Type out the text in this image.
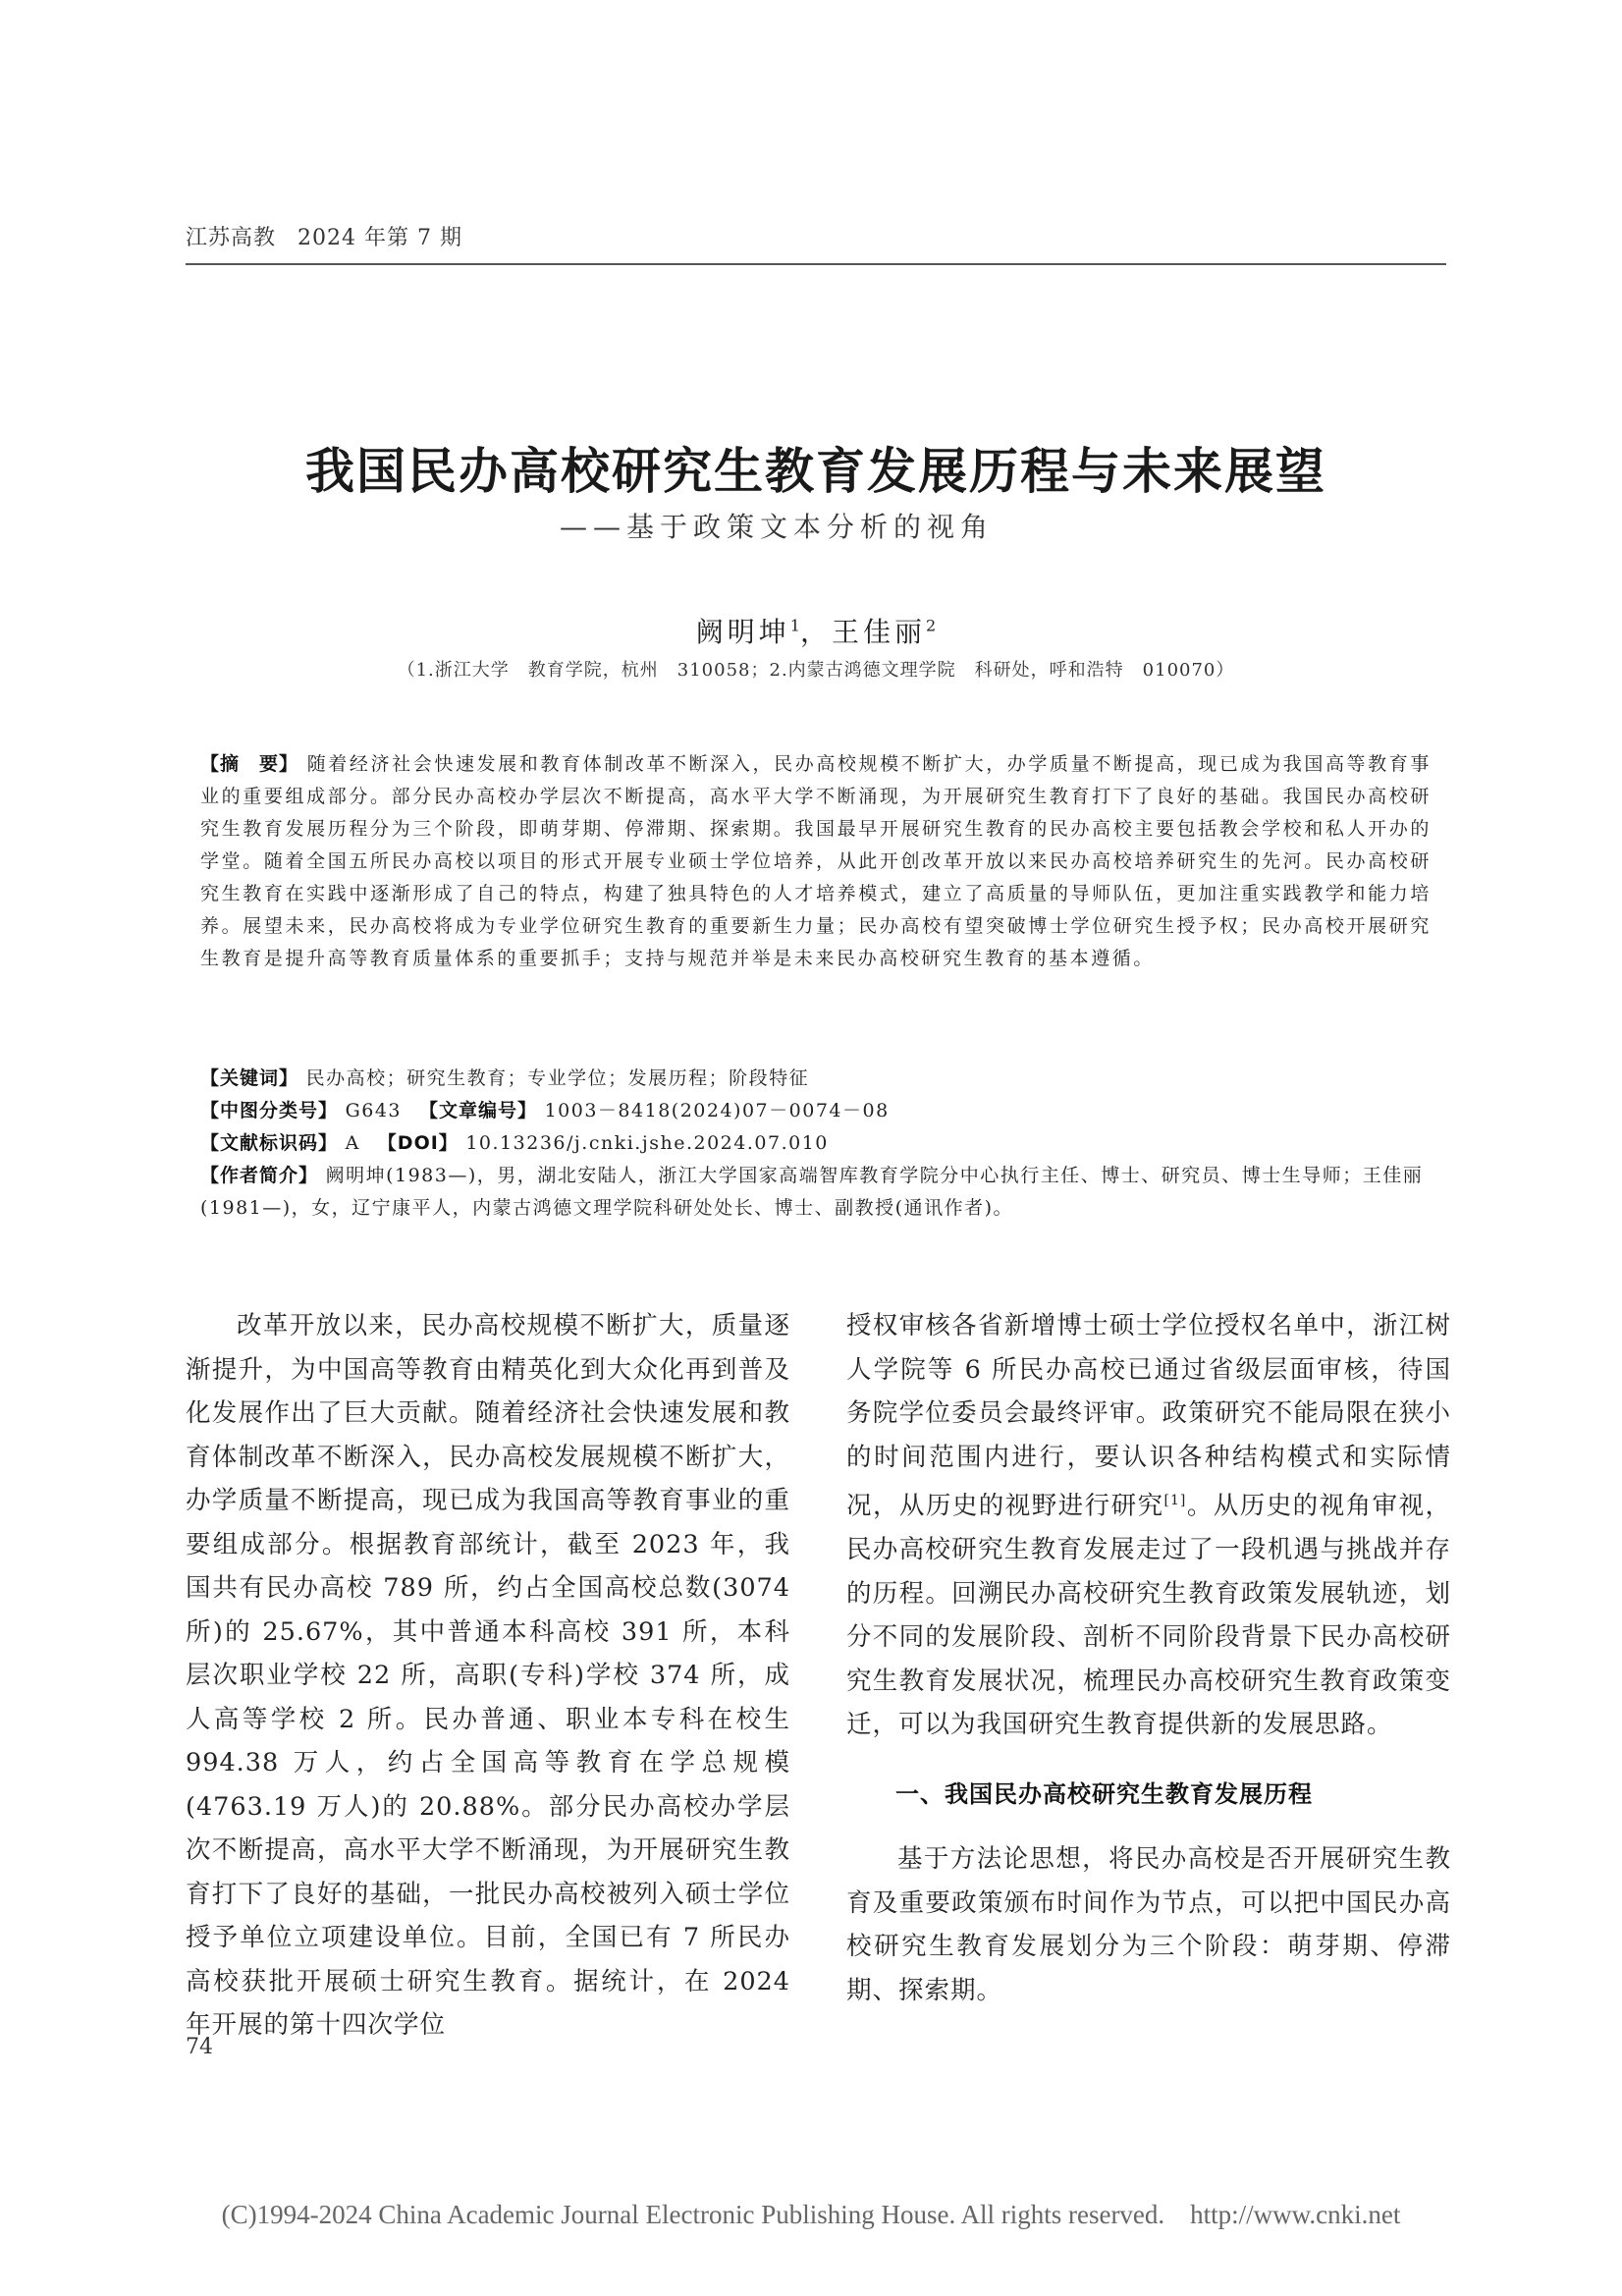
江苏高教 2024 年第 7 期
我国民办高校研究生教育发展历程与未来展望
——基于政策文本分析的视角
阙明坤$^1$，王佳丽$^2$
（1.浙江大学　教育学院，杭州　310058；2.内蒙古鸿德文理学院　科研处，呼和浩特　010070）

【摘　要】 随着经济社会快速发展和教育体制改革不断深入，民办高校规模不断扩大，办学质量不断提高，现已成为我国高等教育事业的重要组成部分。部分民办高校办学层次不断提高，高水平大学不断涌现，为开展研究生教育打下了良好的基础。我国民办高校研究生教育发展历程分为三个阶段，即萌芽期、停滞期、探索期。我国最早开展研究生教育的民办高校主要包括教会学校和私人开办的学堂。随着全国五所民办高校以项目的形式开展专业硕士学位培养，从此开创改革开放以来民办高校培养研究生的先河。民办高校研究生教育在实践中逐渐形成了自己的特点，构建了独具特色的人才培养模式，建立了高质量的导师队伍，更加注重实践教学和能力培养。展望未来，民办高校将成为专业学位研究生教育的重要新生力量；民办高校有望突破博士学位研究生授予权；民办高校开展研究生教育是提升高等教育质量体系的重要抓手；支持与规范并举是未来民办高校研究生教育的基本遵循。

【关键词】 民办高校；研究生教育；专业学位；发展历程；阶段特征
【中图分类号】 G643 【文章编号】 1003－8418(2024)07－0074－08
【文献标识码】 A 【DOI】 10.13236/j.cnki.jshe.2024.07.010
【作者简介】 阙明坤(1983—)，男，湖北安陆人，浙江大学国家高端智库教育学院分中心执行主任、博士、研究员、博士生导师；王佳丽(1981—)，女，辽宁康平人，内蒙古鸿德文理学院科研处处长、博士、副教授(通讯作者)。

改革开放以来，民办高校规模不断扩大，质量逐渐提升，为中国高等教育由精英化到大众化再到普及化发展作出了巨大贡献。随着经济社会快速发展和教育体制改革不断深入，民办高校发展规模不断扩大，办学质量不断提高，现已成为我国高等教育事业的重要组成部分。根据教育部统计，截至 2023 年，我国共有民办高校 789 所，约占全国高校总数(3074 所)的 25.67%，其中普通本科高校 391 所，本科层次职业学校 22 所，高职(专科)学校 374 所，成人高等学校 2 所。民办普通、职业本专科在校生 994.38 万人，约占全国高等教育在学总规模(4763.19 万人)的 20.88%。部分民办高校办学层次不断提高，高水平大学不断涌现，为开展研究生教育打下了良好的基础，一批民办高校被列入硕士学位授予单位立项建设单位。目前，全国已有 7 所民办高校获批开展硕士研究生教育。据统计，在 2024 年开展的第十四次学位

授权审核各省新增博士硕士学位授权名单中，浙江树人学院等 6 所民办高校已通过省级层面审核，待国务院学位委员会最终评审。政策研究不能局限在狭小的时间范围内进行，要认识各种结构模式和实际情况，从历史的视野进行研究[1]。从历史的视角审视，民办高校研究生教育发展走过了一段机遇与挑战并存的历程。回溯民办高校研究生教育政策发展轨迹，划分不同的发展阶段、剖析不同阶段背景下民办高校研究生教育发展状况，梳理民办高校研究生教育政策变迁，可以为我国研究生教育提供新的发展思路。

一、我国民办高校研究生教育发展历程

基于方法论思想，将民办高校是否开展研究生教育及重要政策颁布时间作为节点，可以把中国民办高校研究生教育发展划分为三个阶段：萌芽期、停滞期、探索期。

74
(C)1994-2024 China Academic Journal Electronic Publishing House. All rights reserved. http://www.cnki.net
